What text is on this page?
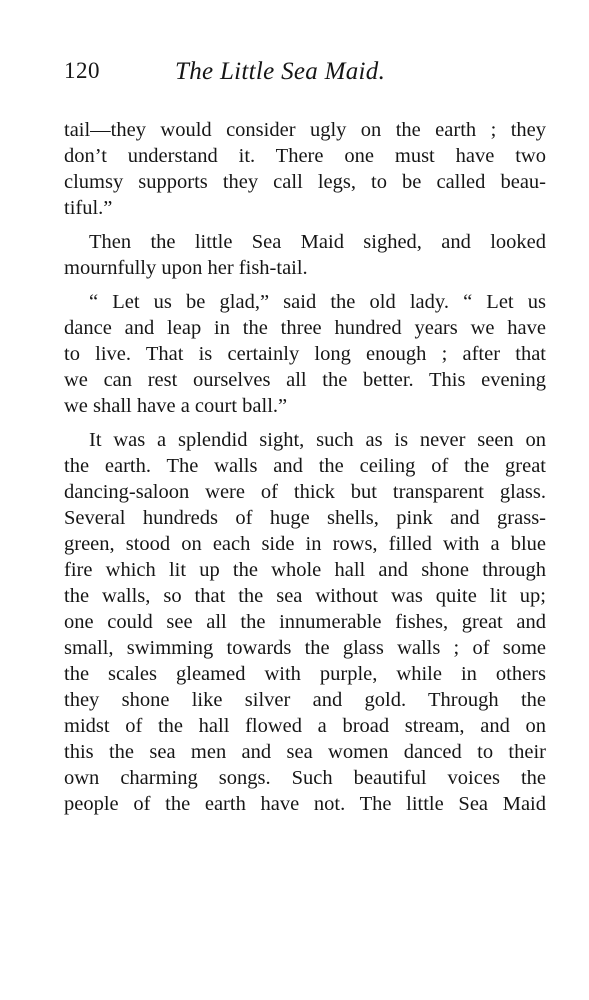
120	The Little Sea Maid.
tail—they would consider ugly on the earth ; they
don’t understand it. There one must have two
clumsy supports they call legs, to be called beau-
tiful.”
Then the little Sea Maid sighed, and looked
mournfully upon her fish-tail.
“ Let us be glad,” said the old lady. “ Let us
dance and leap in the three hundred years we have
to live. That is certainly long enough ; after that
we can rest ourselves all the better. This evening
we shall have a court ball.”
It was a splendid sight, such as is never seen on
the earth. The walls and the ceiling of the great
dancing-saloon were of thick but transparent glass.
Several hundreds of huge shells, pink and grass-
green, stood on each side in rows, filled with a blue
fire which lit up the whole hall and shone through
the walls, so that the sea without was quite lit up;
one could see all the innumerable fishes, great and
small, swimming towards the glass walls ; of some
the scales gleamed with purple, while in others
they shone like silver and gold. Through the
midst of the hall flowed a broad stream, and on
this the sea men and sea women danced to their
own charming songs. Such beautiful voices the
people of the earth have not. The little Sea Maid
